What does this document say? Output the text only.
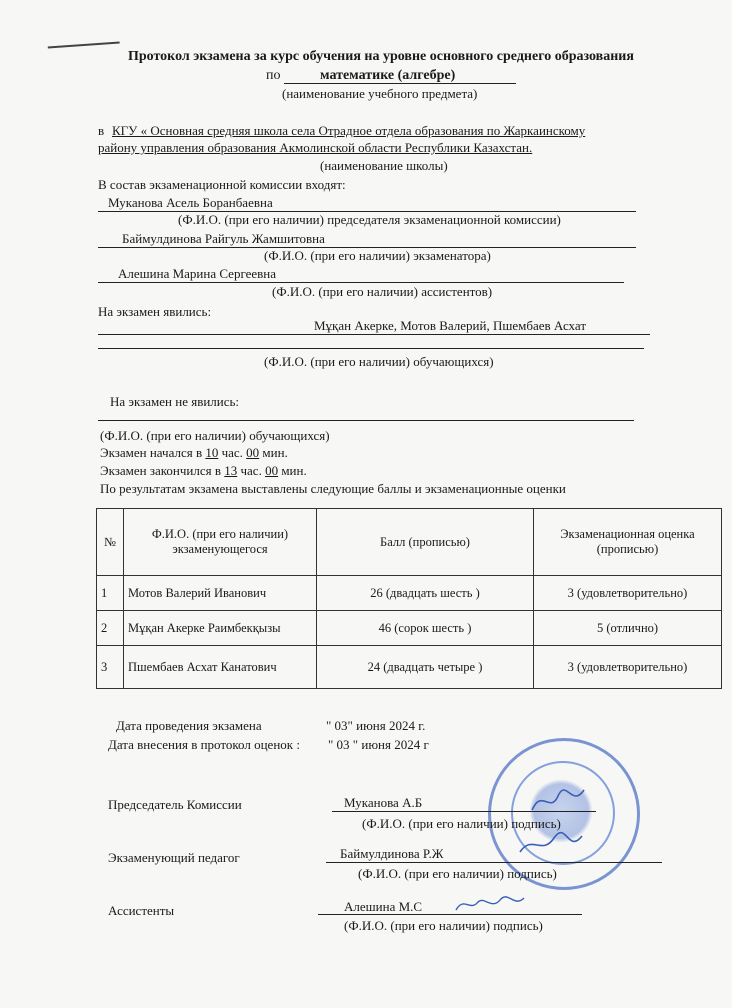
Протокол экзамена за курс обучения на уровне основного среднего образования
по	математике (алгебре)
(наименование учебного предмета)
в КГУ « Основная средняя школа села Отрадное отдела образования по Жаркаинскому
району управления образования Акмолинской области Республики Казахстан.
(наименование школы)
В состав экзаменационной комиссии входят:
Муканова Асель Боранбаевна
(Ф.И.О. (при его наличии) председателя экзаменационной комиссии)
Баймулдинова Райгуль Жамшитовна
(Ф.И.О. (при его наличии) экзаменатора)
Алешина Марина Сергеевна
(Ф.И.О. (при его наличии) ассистентов)
На экзамен явились:
Мұқан Акерке, Мотов Валерий, Пшембаев Асхат
(Ф.И.О. (при его наличии) обучающихся)
На экзамен не явились:
(Ф.И.О. (при его наличии) обучающихся)
Экзамен начался в 10 час. 00 мин.
Экзамен закончился в 13 час. 00 мин.
По результатам экзамена выставлены следующие баллы и экзаменационные оценки
№	Ф.И.О. (при его наличии) экзаменующегося	Балл (прописью)	Экзаменационная оценка (прописью)
1	Мотов Валерий Иванович	26 (двадцать шесть )	3 (удовлетворительно)
2	Мұқан Акерке Раимбекқызы	46 (сорок шесть )	5 (отлично)
3	Пшембаев Асхат Канатович	24 (двадцать четыре )	3 (удовлетворительно)
Дата проведения экзамена	" 03" июня 2024 г.
Дата внесения в протокол оценок : " 03 " июня 2024 г
Председатель Комиссии	Муканова А.Б
(Ф.И.О. (при его наличии) подпись)
Экзаменующий педагог	Баймулдинова Р.Ж
(Ф.И.О. (при его наличии) подпись)
Ассистенты	Алешина М.С
(Ф.И.О. (при его наличии) подпись)
